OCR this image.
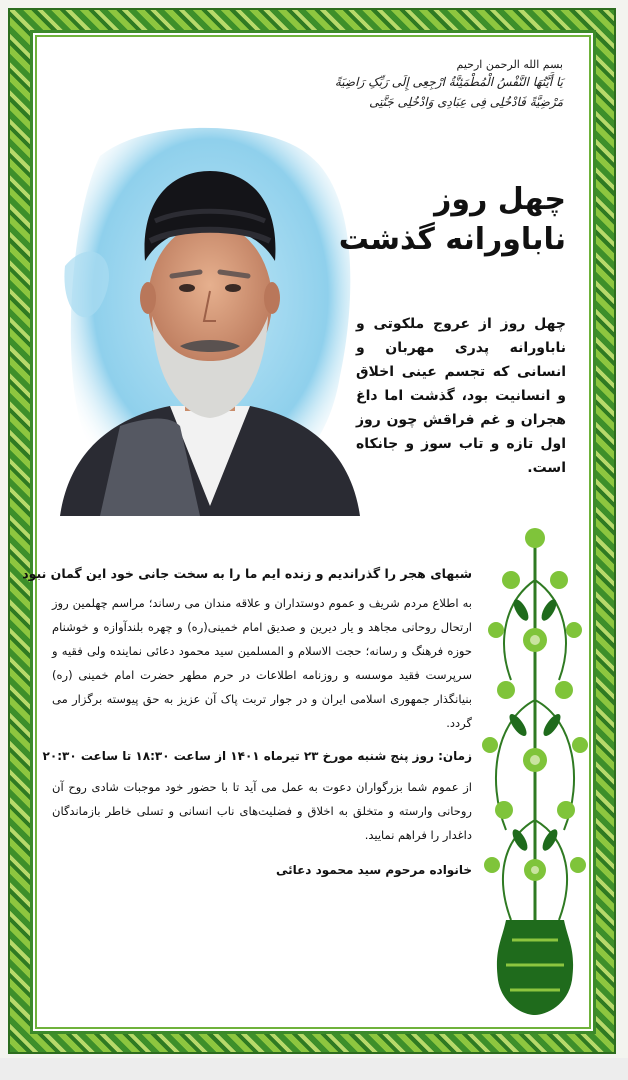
بسم الله الرحمن ارحیم
یَا أَیَّتُهَا النَّفْسُ الْمُطْمَئِنَّةُ ارْجِعِی إِلَی رَبِّکِ رَاضِیَةً
مَرْضِیَّةً فَادْخُلِی فِی عِبَادِی وَادْخُلِی جَنَّتِی
چهل روز
ناباورانه گذشت
چهل روز از عروج ملکوتی و ناباورانه پدری مهربان و انسانی که تجسم عینی اخلاق و انسانیت بود، گذشت اما داغ هجران و غم فراقش چون روز اول تازه و تاب سوز و جانکاه است.
شبهای هجر را گذراندیم و زنده ایم ما را به سخت جانی خود این گمان نبود
به اطلاع مردم شریف و عموم دوستداران و علاقه مندان می رساند؛ مراسم چهلمین روز ارتحال روحانی مجاهد و یار دیرین و صدیق امام خمینی(ره) و چهره بلندآوازه و خوشنام حوزه فرهنگ و رسانه؛ حجت الاسلام و المسلمین سید محمود دعائی نماینده ولی فقیه و سرپرست فقید موسسه و روزنامه اطلاعات در حرم مطهر حضرت امام خمینی (ره) بنیانگذار جمهوری اسلامی ایران و در جوار تربت پاک آن عزیز به حق پیوسته برگزار می گردد.
زمان: روز پنج شنبه مورخ ۲۳ تیرماه ۱۴۰۱ از ساعت ۱۸:۳۰ تا ساعت ۲۰:۳۰
از عموم شما بزرگواران دعوت به عمل می آید تا با حضور خود موجبات شادی روح آن روحانی وارسته و متخلق به اخلاق و فضلیت‌های ناب انسانی و تسلی خاطر بازماندگان داغدار را فراهم نمایید.
خانواده مرحوم سید محمود دعائی
